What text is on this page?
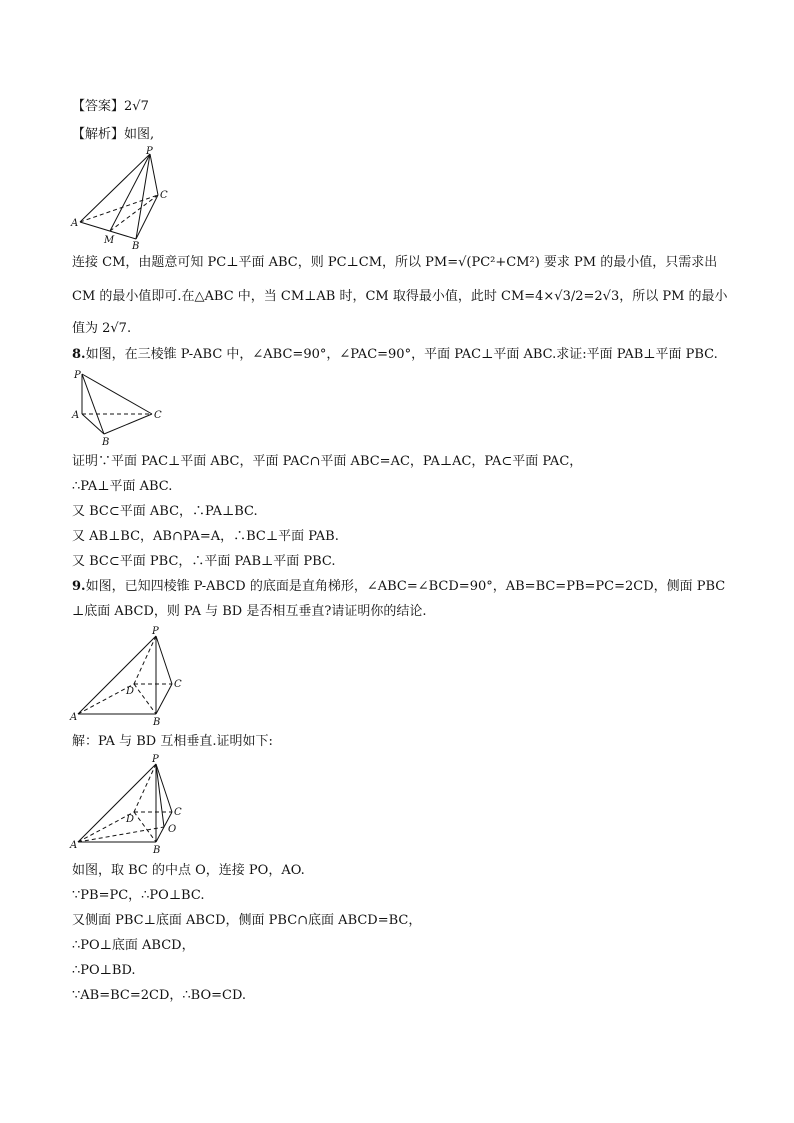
【答案】2√7
【解析】如图,
P
C
A
M
B
连接 CM，由题意可知 PC⊥平面 ABC，则 PC⊥CM，所以 PM=√(PC²+CM²) 要求 PM 的最小值，只需求出
CM 的最小值即可.在△ABC 中，当 CM⊥AB 时，CM 取得最小值，此时 CM=4×√3/2=2√3，所以 PM 的最小
值为 2√7.
8.如图，在三棱锥 P-ABC 中，∠ABC=90°，∠PAC=90°，平面 PAC⊥平面 ABC.求证:平面 PAB⊥平面 PBC.
P
A	C
B
证明∵平面 PAC⊥平面 ABC，平面 PAC∩平面 ABC=AC，PA⊥AC，PA⊂平面 PAC，
∴PA⊥平面 ABC.
又 BC⊂平面 ABC，∴PA⊥BC.
又 AB⊥BC，AB∩PA=A，∴BC⊥平面 PAB.
又 BC⊂平面 PBC，∴平面 PAB⊥平面 PBC.
9.如图，已知四棱锥 P-ABCD 的底面是直角梯形，∠ABC=∠BCD=90°，AB=BC=PB=PC=2CD，侧面 PBC
⊥底面 ABCD，则 PA 与 BD 是否相互垂直?请证明你的结论.
P
D
C
A	B
解：PA 与 BD 互相垂直.证明如下:
P
C
D
O
A	B
如图，取 BC 的中点 O，连接 PO，AO.
∵PB=PC，∴PO⊥BC.
又侧面 PBC⊥底面 ABCD，侧面 PBC∩底面 ABCD=BC，
∴PO⊥底面 ABCD，
∴PO⊥BD.
∵AB=BC=2CD，∴BO=CD.
